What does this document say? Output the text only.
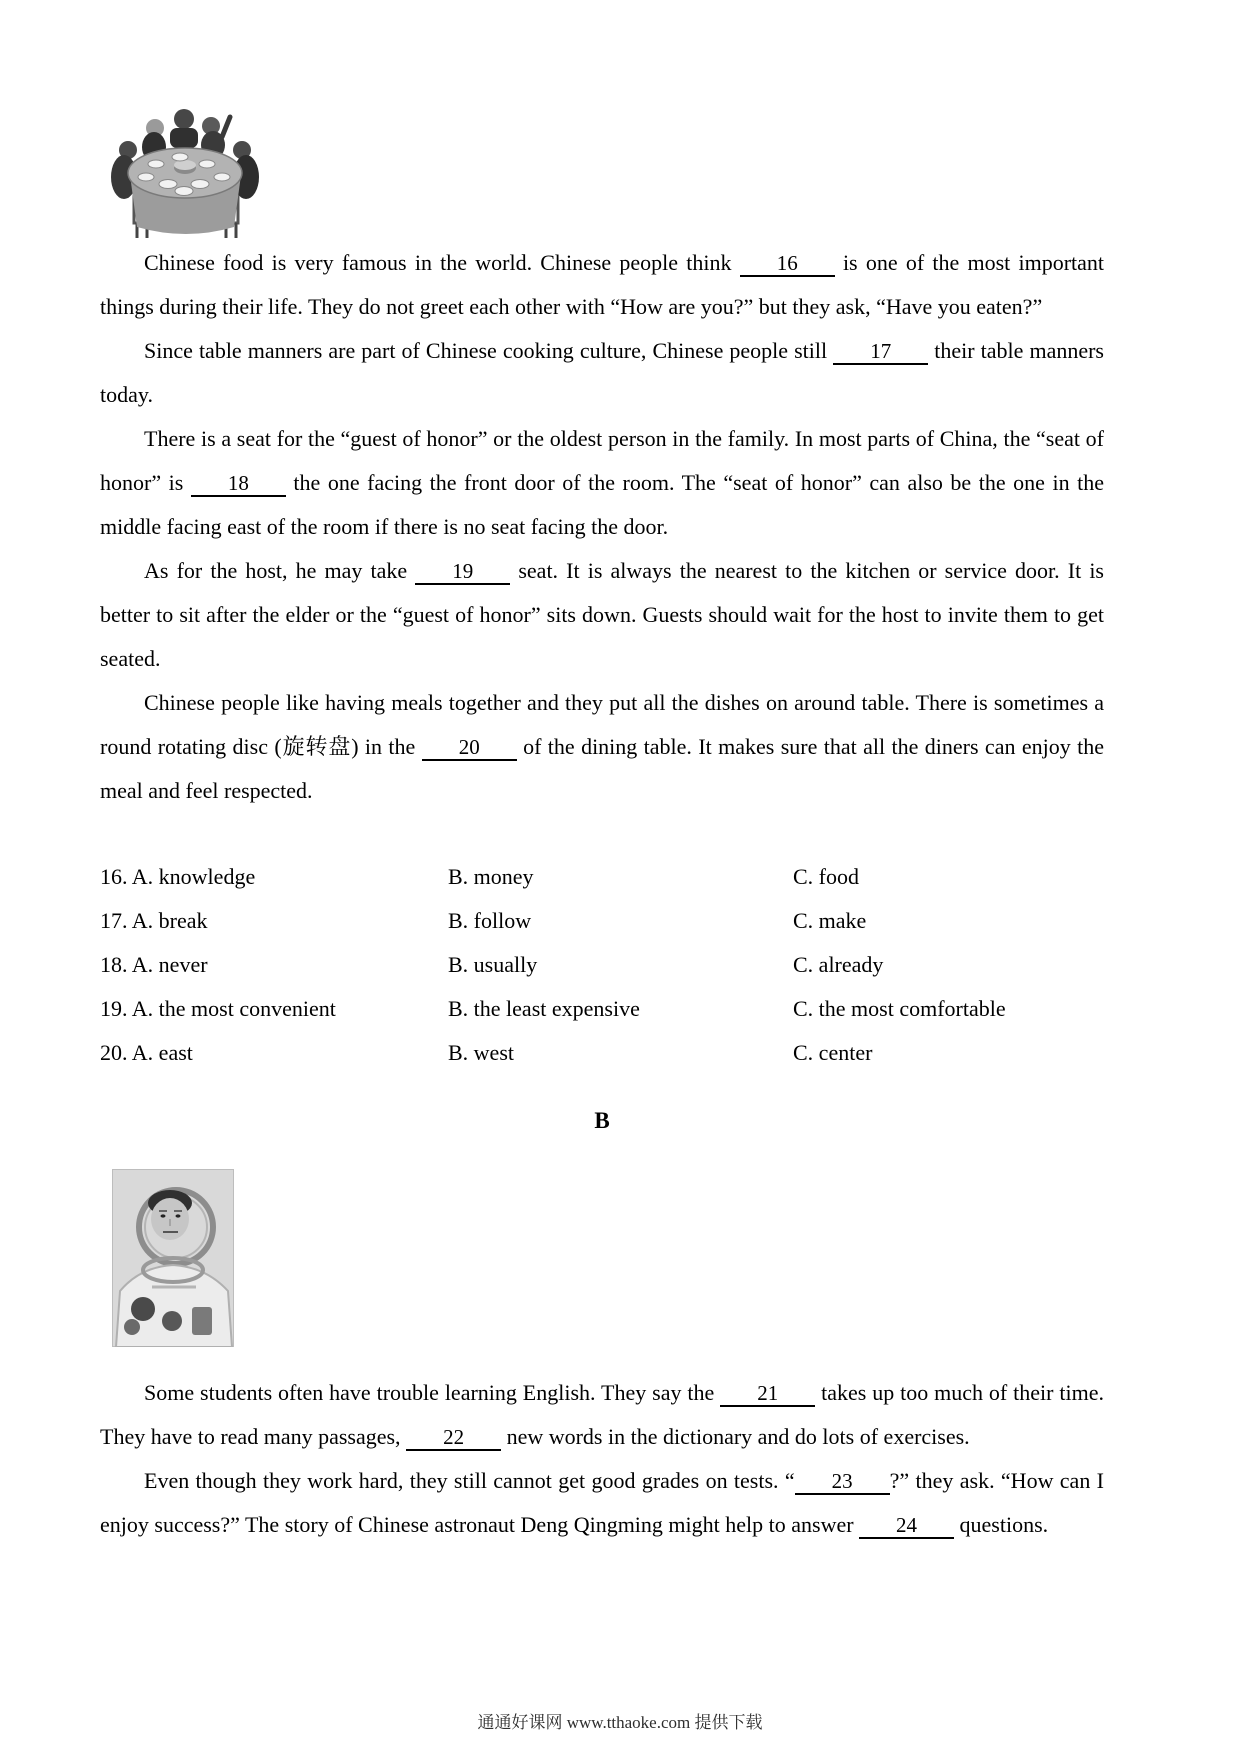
Chinese food is very famous in the world. Chinese people think 16 is one of the most important things during their life. They do not greet each other with “How are you?” but they ask, “Have you eaten?”

Since table manners are part of Chinese cooking culture, Chinese people still 17 their table manners today.

There is a seat for the “guest of honor” or the oldest person in the family. In most parts of China, the “seat of honor” is 18 the one facing the front door of the room. The “seat of honor” can also be the one in the middle facing east of the room if there is no seat facing the door.

As for the host, he may take 19 seat. It is always the nearest to the kitchen or service door. It is better to sit after the elder or the “guest of honor” sits down. Guests should wait for the host to invite them to get seated.

Chinese people like having meals together and they put all the dishes on around table. There is sometimes a round rotating disc (旋转盘) in the 20 of the dining table. It makes sure that all the diners can enjoy the meal and feel respected.

16. A. knowledge	B. money	C. food
17. A. break	B. follow	C. make
18. A. never	B. usually	C. already
19. A. the most convenient	B. the least expensive	C. the most comfortable
20. A. east	B. west	C. center
B

Some students often have trouble learning English. They say the 21 takes up too much of their time. They have to read many passages, 22 new words in the dictionary and do lots of exercises.

Even though they work hard, they still cannot get good grades on tests. “ 23 ?” they ask. “How can I enjoy success?” The story of Chinese astronaut Deng Qingming might help to answer 24 questions.

通通好课网 www.tthaoke.com 提供下载
